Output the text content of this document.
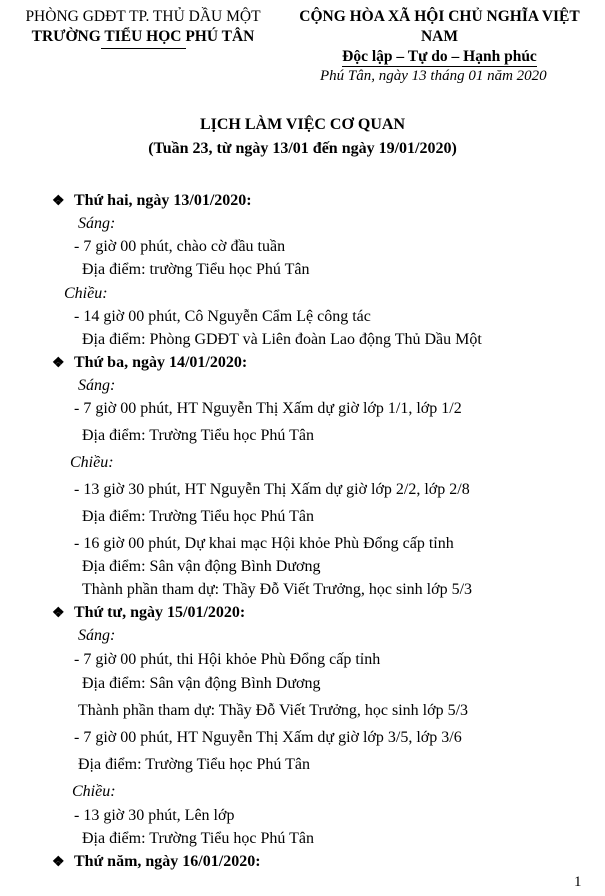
PHÒNG GDĐT TP. THỦ DẦU MỘT
TRƯỜNG TIỂU HỌC PHÚ TÂN
CỘNG HÒA XÃ HỘI CHỦ NGHĨA VIỆT NAM
Độc lập – Tự do – Hạnh phúc
Phú Tân, ngày 13 tháng 01 năm 2020
LỊCH LÀM VIỆC CƠ QUAN
(Tuần 23, từ ngày 13/01 đến ngày 19/01/2020)
❖ Thứ hai, ngày 13/01/2020:
Sáng:
- 7 giờ 00 phút, chào cờ đầu tuần
Địa điểm: trường Tiểu học Phú Tân
Chiều:
- 14 giờ 00 phút, Cô Nguyễn Cẩm Lệ công tác
Địa điểm: Phòng GDĐT và Liên đoàn Lao động Thủ Dầu Một
❖ Thứ ba, ngày 14/01/2020:
Sáng:
- 7 giờ 00 phút, HT Nguyễn Thị Xấm dự giờ lớp 1/1, lớp 1/2
Địa điểm: Trường Tiểu học Phú Tân
Chiều:
- 13 giờ 30 phút, HT Nguyễn Thị Xấm dự giờ lớp 2/2, lớp 2/8
Địa điểm: Trường Tiểu học Phú Tân
- 16 giờ 00 phút, Dự khai mạc Hội khỏe Phù Đổng cấp tỉnh
Địa điểm: Sân vận động Bình Dương
Thành phần tham dự: Thầy Đỗ Viết Trưởng, học sinh lớp 5/3
❖ Thứ tư, ngày 15/01/2020:
Sáng:
- 7 giờ 00 phút, thi Hội khỏe Phù Đổng cấp tỉnh
Địa điểm: Sân vận động Bình Dương
Thành phần tham dự: Thầy Đỗ Viết Trưởng, học sinh lớp 5/3
- 7 giờ 00 phút, HT Nguyễn Thị Xấm dự giờ lớp 3/5, lớp 3/6
Địa điểm: Trường Tiểu học Phú Tân
Chiều:
- 13 giờ 30 phút, Lên lớp
Địa điểm: Trường Tiểu học Phú Tân
❖ Thứ năm, ngày 16/01/2020:
1
